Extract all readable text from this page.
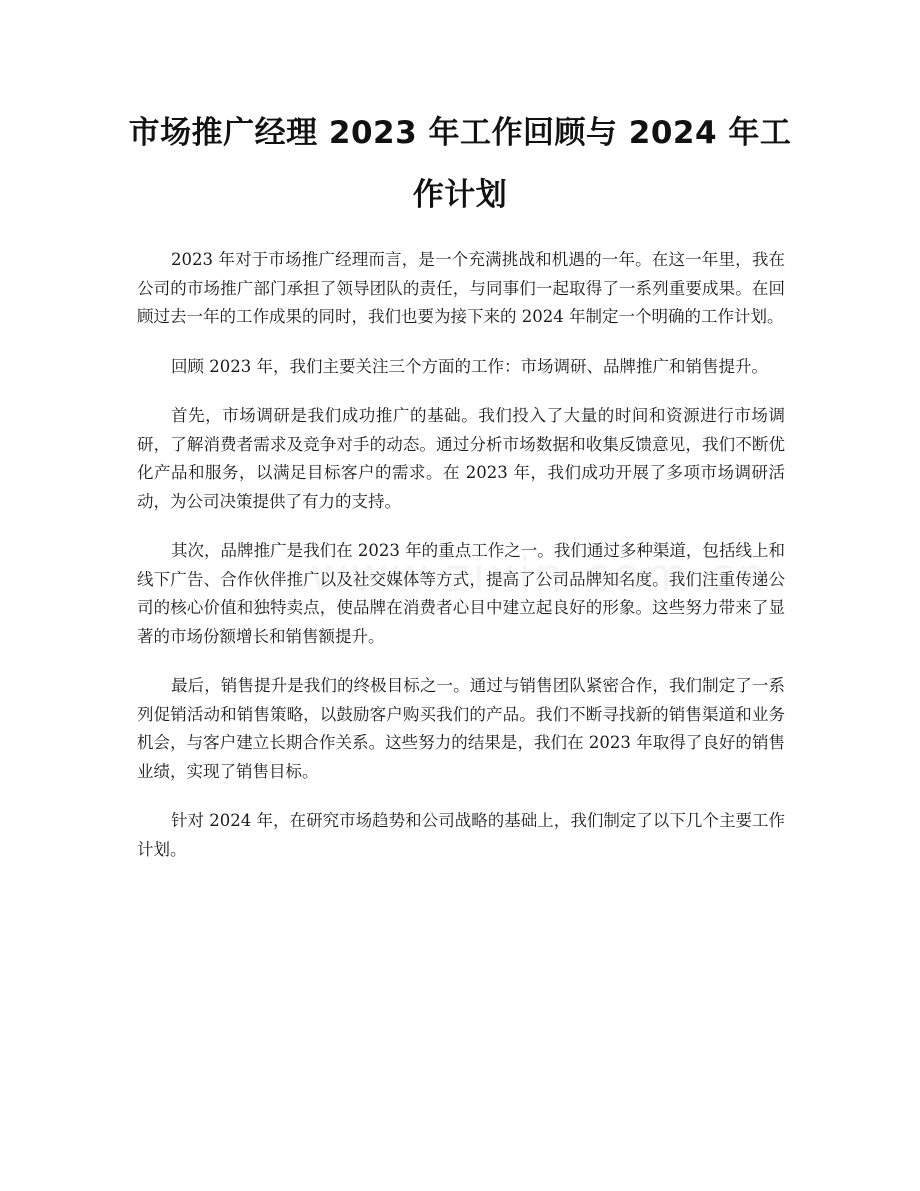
市场推广经理 2023 年工作回顾与 2024 年工作计划

2023 年对于市场推广经理而言，是一个充满挑战和机遇的一年。在这一年里，我在公司的市场推广部门承担了领导团队的责任，与同事们一起取得了一系列重要成果。在回顾过去一年的工作成果的同时，我们也要为接下来的 2024 年制定一个明确的工作计划。

回顾 2023 年，我们主要关注三个方面的工作：市场调研、品牌推广和销售提升。

首先，市场调研是我们成功推广的基础。我们投入了大量的时间和资源进行市场调研，了解消费者需求及竞争对手的动态。通过分析市场数据和收集反馈意见，我们不断优化产品和服务，以满足目标客户的需求。在 2023 年，我们成功开展了多项市场调研活动，为公司决策提供了有力的支持。

其次，品牌推广是我们在 2023 年的重点工作之一。我们通过多种渠道，包括线上和线下广告、合作伙伴推广以及社交媒体等方式，提高了公司品牌知名度。我们注重传递公司的核心价值和独特卖点，使品牌在消费者心目中建立起良好的形象。这些努力带来了显著的市场份额增长和销售额提升。

最后，销售提升是我们的终极目标之一。通过与销售团队紧密合作，我们制定了一系列促销活动和销售策略，以鼓励客户购买我们的产品。我们不断寻找新的销售渠道和业务机会，与客户建立长期合作关系。这些努力的结果是，我们在 2023 年取得了良好的销售业绩，实现了销售目标。

针对 2024 年，在研究市场趋势和公司战略的基础上，我们制定了以下几个主要工作计划。
